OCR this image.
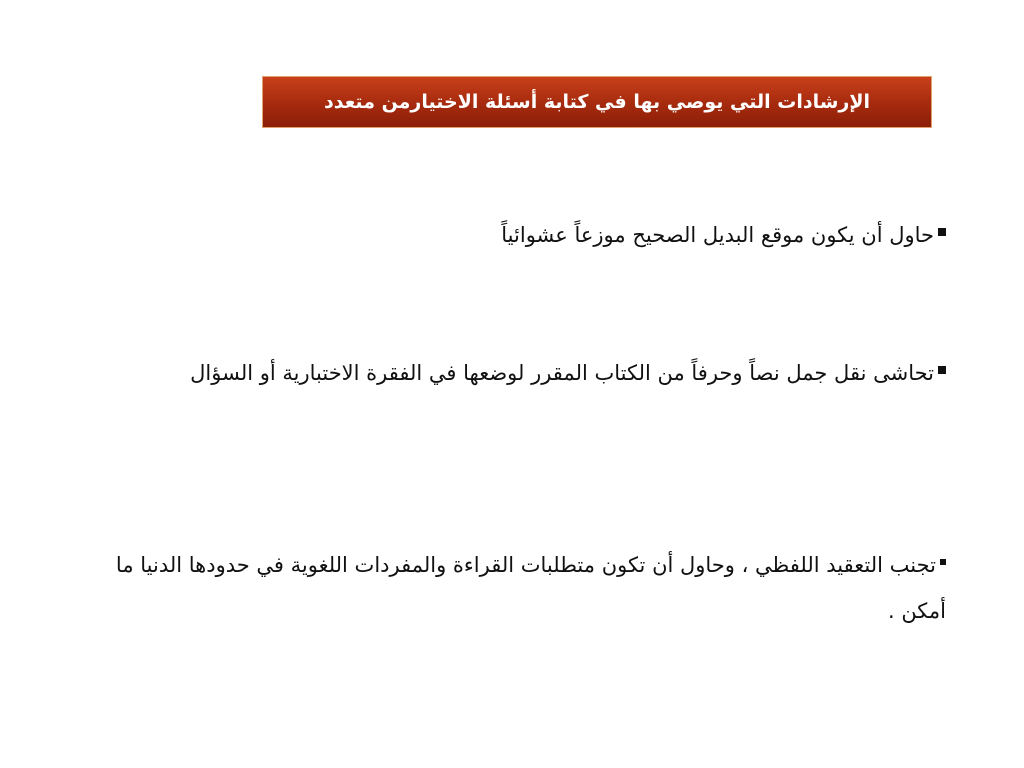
الإرشادات التي يوصي بها في كتابة أسئلة الاختيارمن متعدد

حاول أن يكون موقع البديل الصحيح موزعاً عشوائياً

تحاشى نقل جمل نصاً وحرفاً من الكتاب المقرر لوضعها في الفقرة الاختبارية أو السؤال

تجنب التعقيد اللفظي ، وحاول أن تكون متطلبات القراءة والمفردات اللغوية في حدودها الدنيا ما أمكن .
